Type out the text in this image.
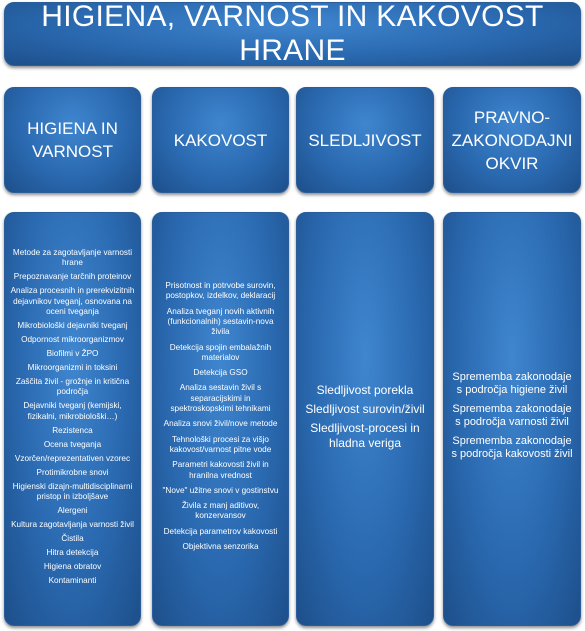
HIGIENA, VARNOST IN KAKOVOST HRANE
HIGIENA IN VARNOST
KAKOVOST	SLEDLJIVOST
PRAVNO-ZAKONODAJNI OKVIR
Metode za zagotavljanje varnosti hrane
Prepoznavanje tarčnih proteinov
Analiza procesnih in prerekvizitnih dejavnikov tveganj, osnovana na oceni tveganja
Mikrobiološki dejavniki tveganj
Odpornost mikroorganizmov
Biofilmi v ŽPO
Mikroorganizmi in toksini
Zaščita živil - grožnje in kritična področja
Dejavniki tveganj (kemijski, fizikalni, mikrobiološki…)
Rezistenca
Ocena tveganja
Vzorčen/reprezentativen vzorec
Protimikrobne snovi
Higienski dizajn-multidisciplinarni pristop in izboljšave
Alergeni
Kultura zagotavljanja varnosti živil
Čistila
Hitra detekcija
Higiena obratov
Kontaminanti
Prisotnost in potrvobe surovin, postopkov, izdelkov, deklaracij
Analiza tveganj novih aktivnih (funkcionalnih) sestavin-nova živila
Detekcija spojin embalažnih materialov
Detekcija GSO
Analiza sestavin živil s separacijskimi in spektroskopskimi tehnikami
Analiza snovi živil/nove metode
Tehnološki procesi za višjo kakovost/varnost pitne vode
Parametri kakovosti živil in hranilna vrednost
"Nove" užitne snovi v gostinstvu
Živila z manj aditivov, konzervansov
Detekcija parametrov kakovosti
Objektivna senzorika
Sledljivost porekla
Sledljivost surovin/živil
Sledljivost-procesi in hladna veriga
Sprememba zakonodaje s področja higiene živil
Sprememba zakonodaje s področja varnosti živil
Sprememba zakonodaje s področja kakovosti živil
